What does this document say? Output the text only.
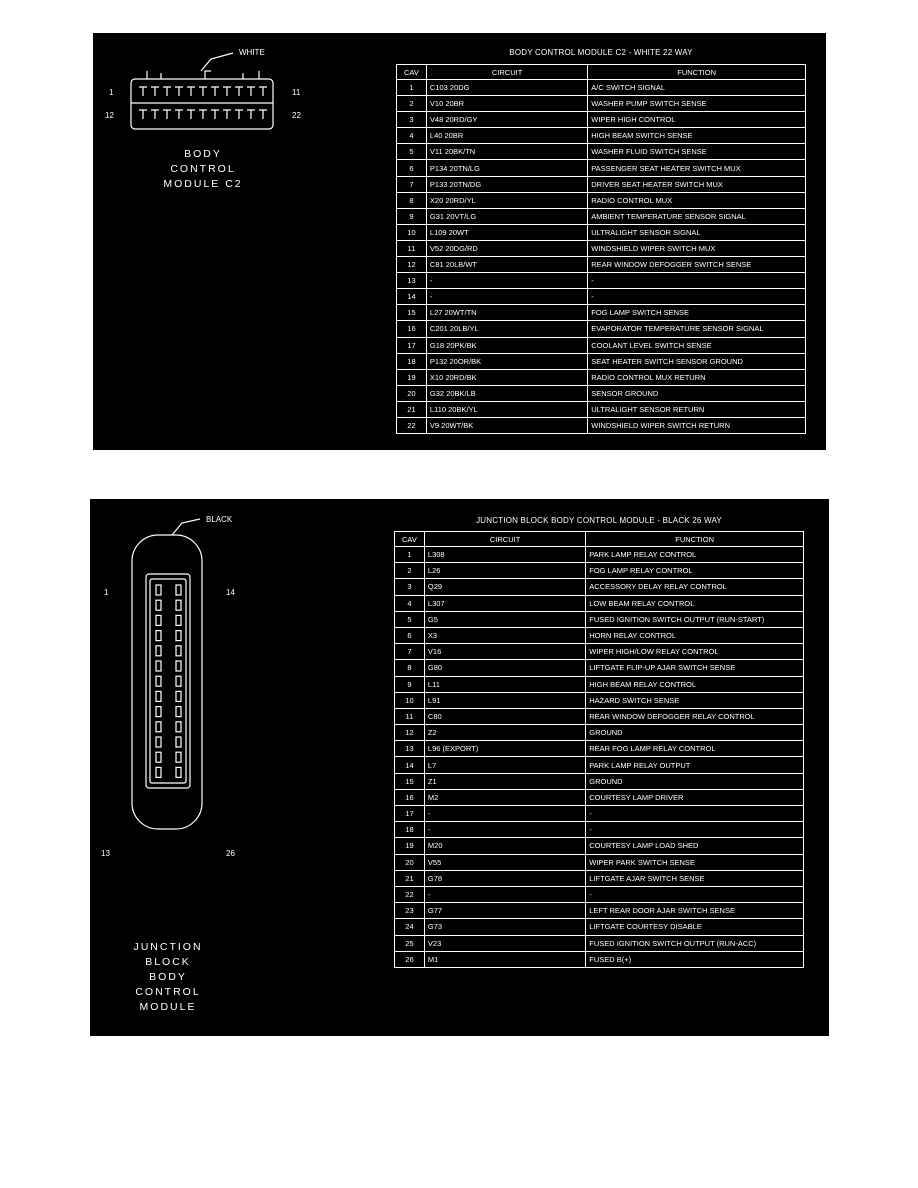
WHITE
1	11
12	22
BODY
CONTROL
MODULE C2
BODY CONTROL MODULE C2 - WHITE 22 WAY
CAV	CIRCUIT	FUNCTION
1	C103 20DG	A/C SWITCH SIGNAL
2	V10 20BR	WASHER PUMP SWITCH SENSE
3	V48 20RD/GY	WIPER HIGH CONTROL
4	L40 20BR	HIGH BEAM SWITCH SENSE
5	V11 20BK/TN	WASHER FLUID SWITCH SENSE
6	P134 20TN/LG	PASSENGER SEAT HEATER SWITCH MUX
7	P133 20TN/DG	DRIVER SEAT HEATER SWITCH MUX
8	X20 20RD/YL	RADIO CONTROL MUX
9	G31 20VT/LG	AMBIENT TEMPERATURE SENSOR SIGNAL
10	L109 20WT	ULTRALIGHT SENSOR SIGNAL
11	V52 20DG/RD	WINDSHIELD WIPER SWITCH MUX
12	C81 20LB/WT	REAR WINDOW DEFOGGER SWITCH SENSE
13	-	-
14	-	-
15	L27 20WT/TN	FOG LAMP SWITCH SENSE
16	C201 20LB/YL	EVAPORATOR TEMPERATURE SENSOR SIGNAL
17	G18 20PK/BK	COOLANT LEVEL SWITCH SENSE
18	P132 20OR/BK	SEAT HEATER SWITCH SENSOR GROUND
19	X10 20RD/BK	RADIO CONTROL MUX RETURN
20	G32 20BK/LB	SENSOR GROUND
21	L110 20BK/YL	ULTRALIGHT SENSOR RETURN
22	V9 20WT/BK	WINDSHIELD WIPER SWITCH RETURN
BLACK
1	14
13	26
JUNCTION
BLOCK
BODY
CONTROL
MODULE
JUNCTION BLOCK BODY CONTROL MODULE - BLACK 26 WAY
CAV	CIRCUIT	FUNCTION
1	L308	PARK LAMP RELAY CONTROL
2	L26	FOG LAMP RELAY CONTROL
3	Q29	ACCESSORY DELAY RELAY CONTROL
4	L307	LOW BEAM RELAY CONTROL
5	G5	FUSED IGNITION SWITCH OUTPUT (RUN-START)
6	X3	HORN RELAY CONTROL
7	V16	WIPER HIGH/LOW RELAY CONTROL
8	G80	LIFTGATE FLIP-UP AJAR SWITCH SENSE
9	L11	HIGH BEAM RELAY CONTROL
10	L91	HAZARD SWITCH SENSE
11	C80	REAR WINDOW DEFOGGER RELAY CONTROL
12	Z2	GROUND
13	L96 (EXPORT)	REAR FOG LAMP RELAY CONTROL
14	L7	PARK LAMP RELAY OUTPUT
15	Z1	GROUND
16	M2	COURTESY LAMP DRIVER
17	-	-
18	-	-
19	M20	COURTESY LAMP LOAD SHED
20	V55	WIPER PARK SWITCH SENSE
21	G78	LIFTGATE AJAR SWITCH SENSE
22	-	-
23	G77	LEFT REAR DOOR AJAR SWITCH SENSE
24	G73	LIFTGATE COURTESY DISABLE
25	V23	FUSED IGNITION SWITCH OUTPUT (RUN-ACC)
26	M1	FUSED B(+)
